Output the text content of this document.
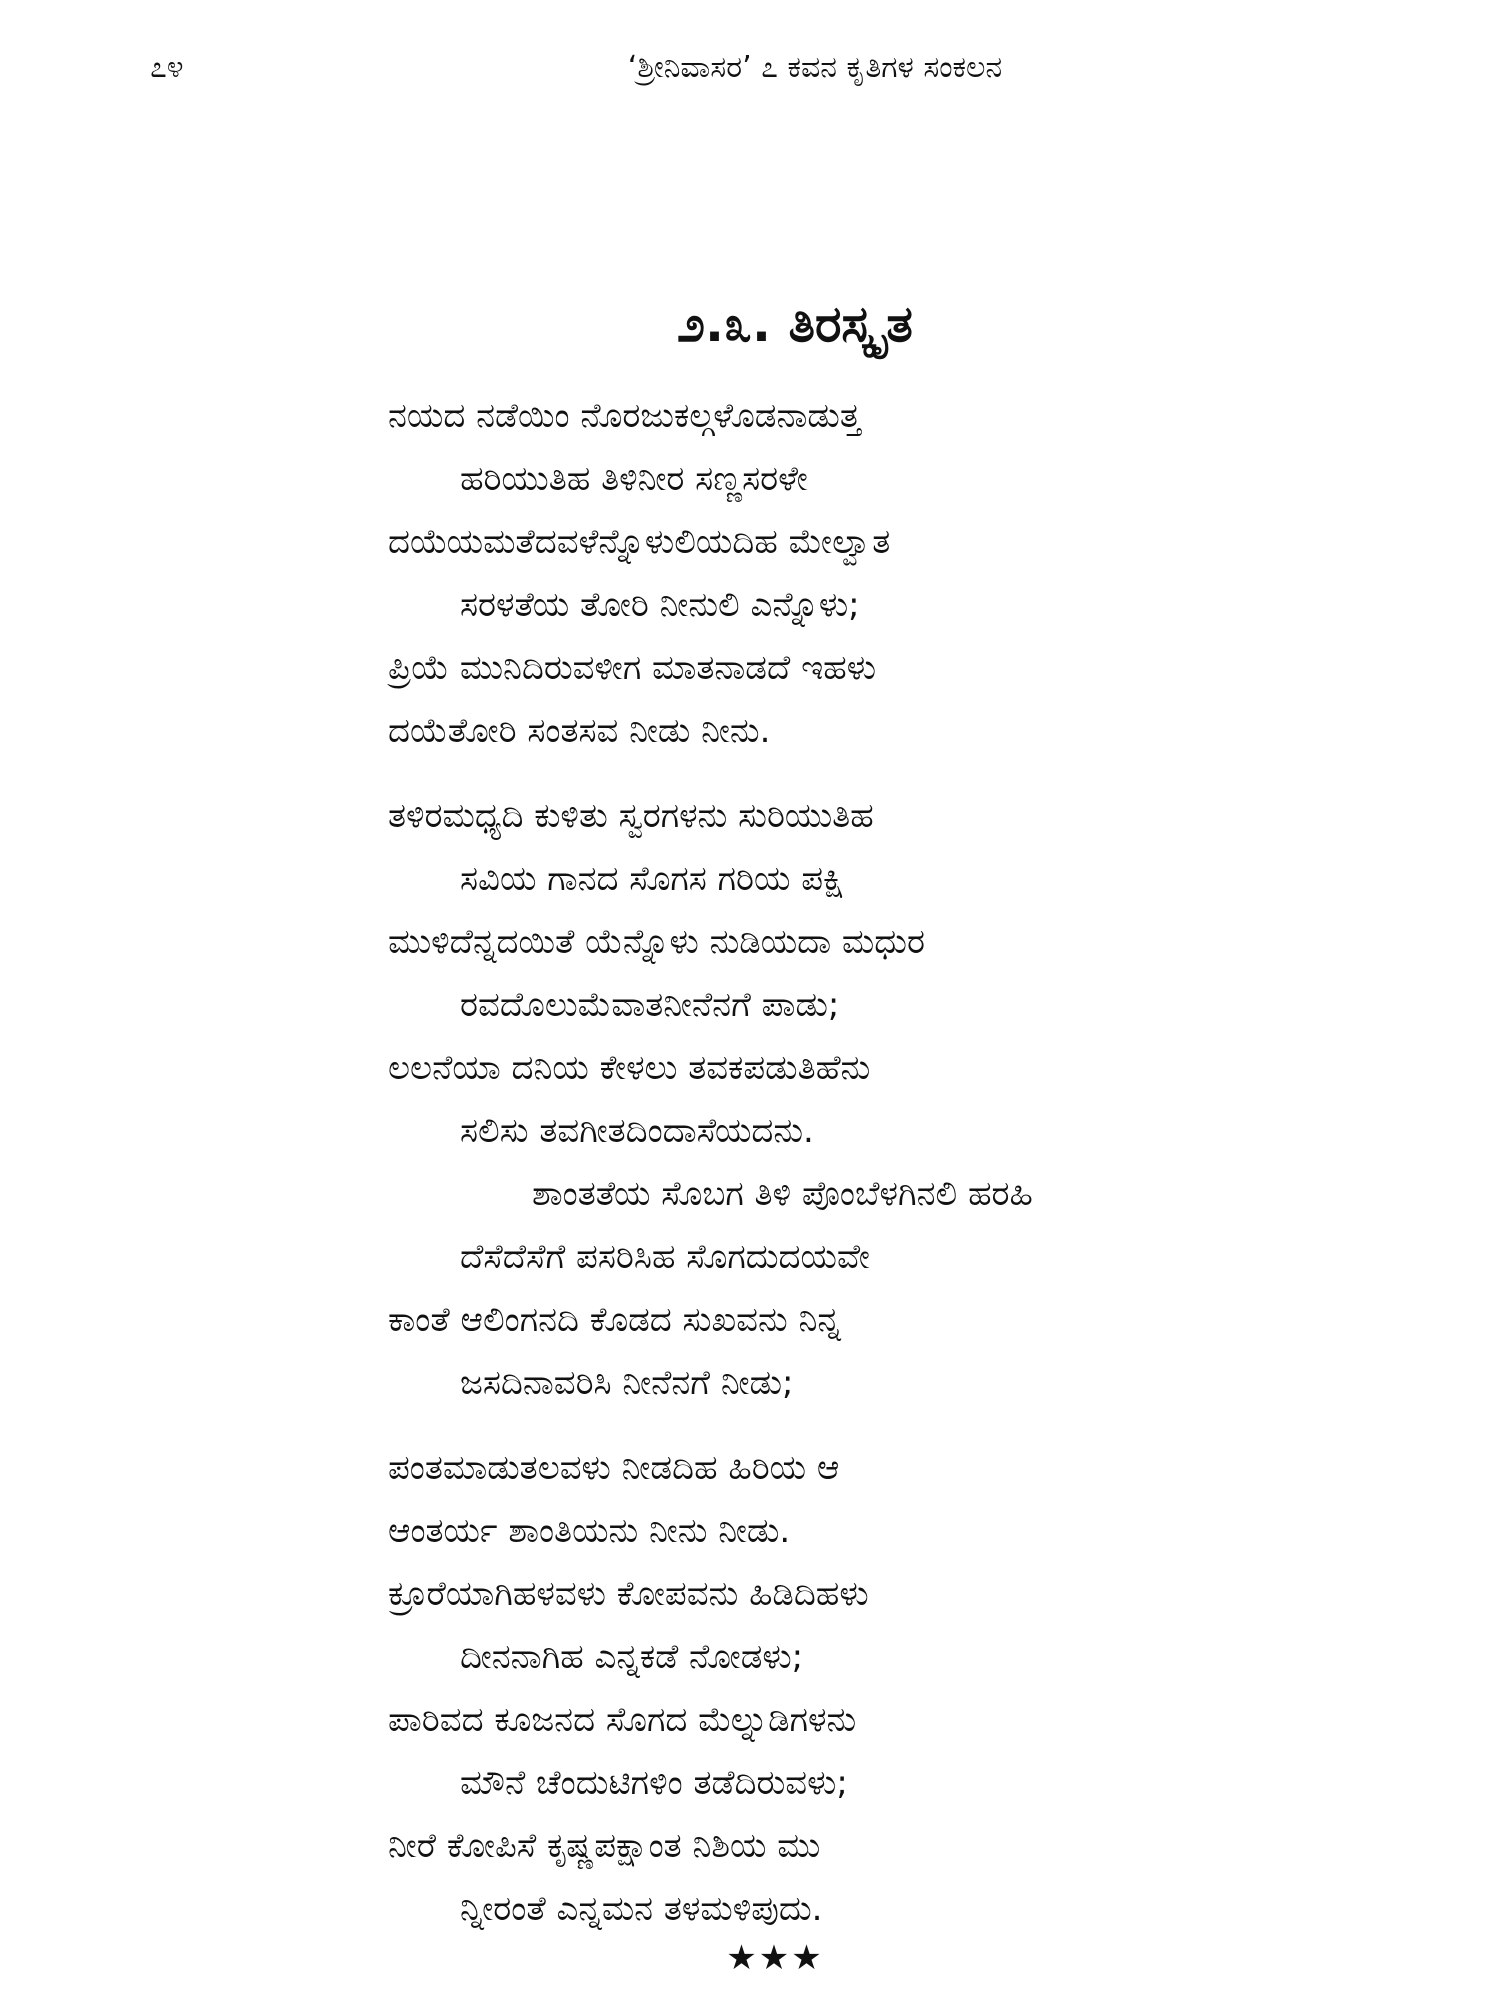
೭೪	‘ಶ್ರೀನಿವಾಸರ’ ೭ ಕವನ ಕೃತಿಗಳ ಸಂಕಲನ
೨.೩. ತಿರಸ್ಕೃತ
ನಯದ ನಡೆಯಿಂ ನೊರಜುಕಲ್ಗಳೊಡನಾಡುತ್ತ
ಹರಿಯುತಿಹ ತಿಳಿನೀರ ಸಣ್ಣಸರಳೇ
ದಯೆಯಮತೆದವಳೆನ್ನೊಳುಲಿಯದಿಹ ಮೇಲ್ವಾತ
ಸರಳತೆಯ ತೋರಿ ನೀನುಲಿ ಎನ್ನೊಳು;
ಪ್ರಿಯೆ ಮುನಿದಿರುವಳೀಗ ಮಾತನಾಡದೆ ಇಹಳು
ದಯೆತೋರಿ ಸಂತಸವ ನೀಡು ನೀನು.
ತಳಿರಮಧ್ಯದಿ ಕುಳಿತು ಸ್ವರಗಳನು ಸುರಿಯುತಿಹ
ಸವಿಯ ಗಾನದ ಸೊಗಸ ಗರಿಯ ಪಕ್ಷಿ
ಮುಳಿದೆನ್ನದಯಿತೆ ಯೆನ್ನೊಳು ನುಡಿಯದಾ ಮಧುರ
ರವದೊಲುಮೆವಾತನೀನೆನಗೆ ಪಾಡು;
ಲಲನೆಯಾ ದನಿಯ ಕೇಳಲು ತವಕಪಡುತಿಹೆನು
ಸಲಿಸು ತವಗೀತದಿಂದಾಸೆಯದನು.
ಶಾಂತತೆಯ ಸೊಬಗ ತಿಳಿ ಪೊಂಬೆಳಗಿನಲಿ ಹರಹಿ
ದೆಸೆದೆಸೆಗೆ ಪಸರಿಸಿಹ ಸೊಗದುದಯವೇ
ಕಾಂತೆ ಆಲಿಂಗನದಿ ಕೊಡದ ಸುಖವನು ನಿನ್ನ
ಜಸದಿನಾವರಿಸಿ ನೀನೆನಗೆ ನೀಡು;
ಪಂತಮಾಡುತಲವಳು ನೀಡದಿಹ ಹಿರಿಯ ಆ
ಆಂತರ್ಯ ಶಾಂತಿಯನು ನೀನು ನೀಡು.
ಕ್ರೂರೆಯಾಗಿಹಳವಳು ಕೋಪವನು ಹಿಡಿದಿಹಳು
ದೀನನಾಗಿಹ ಎನ್ನಕಡೆ ನೋಡಳು;
ಪಾರಿವದ ಕೂಜನದ ಸೊಗದ ಮೆಲ್ನುಡಿಗಳನು
ಮೌನೆ ಚೆಂದುಟಿಗಳಿಂ ತಡೆದಿರುವಳು;
ನೀರೆ ಕೋಪಿಸೆ ಕೃಷ್ಣಪಕ್ಷಾಂತ ನಿಶಿಯ ಮು
ನ್ನೀರಂತೆ ಎನ್ನಮನ ತಳಮಳಿಪುದು.
★★★
